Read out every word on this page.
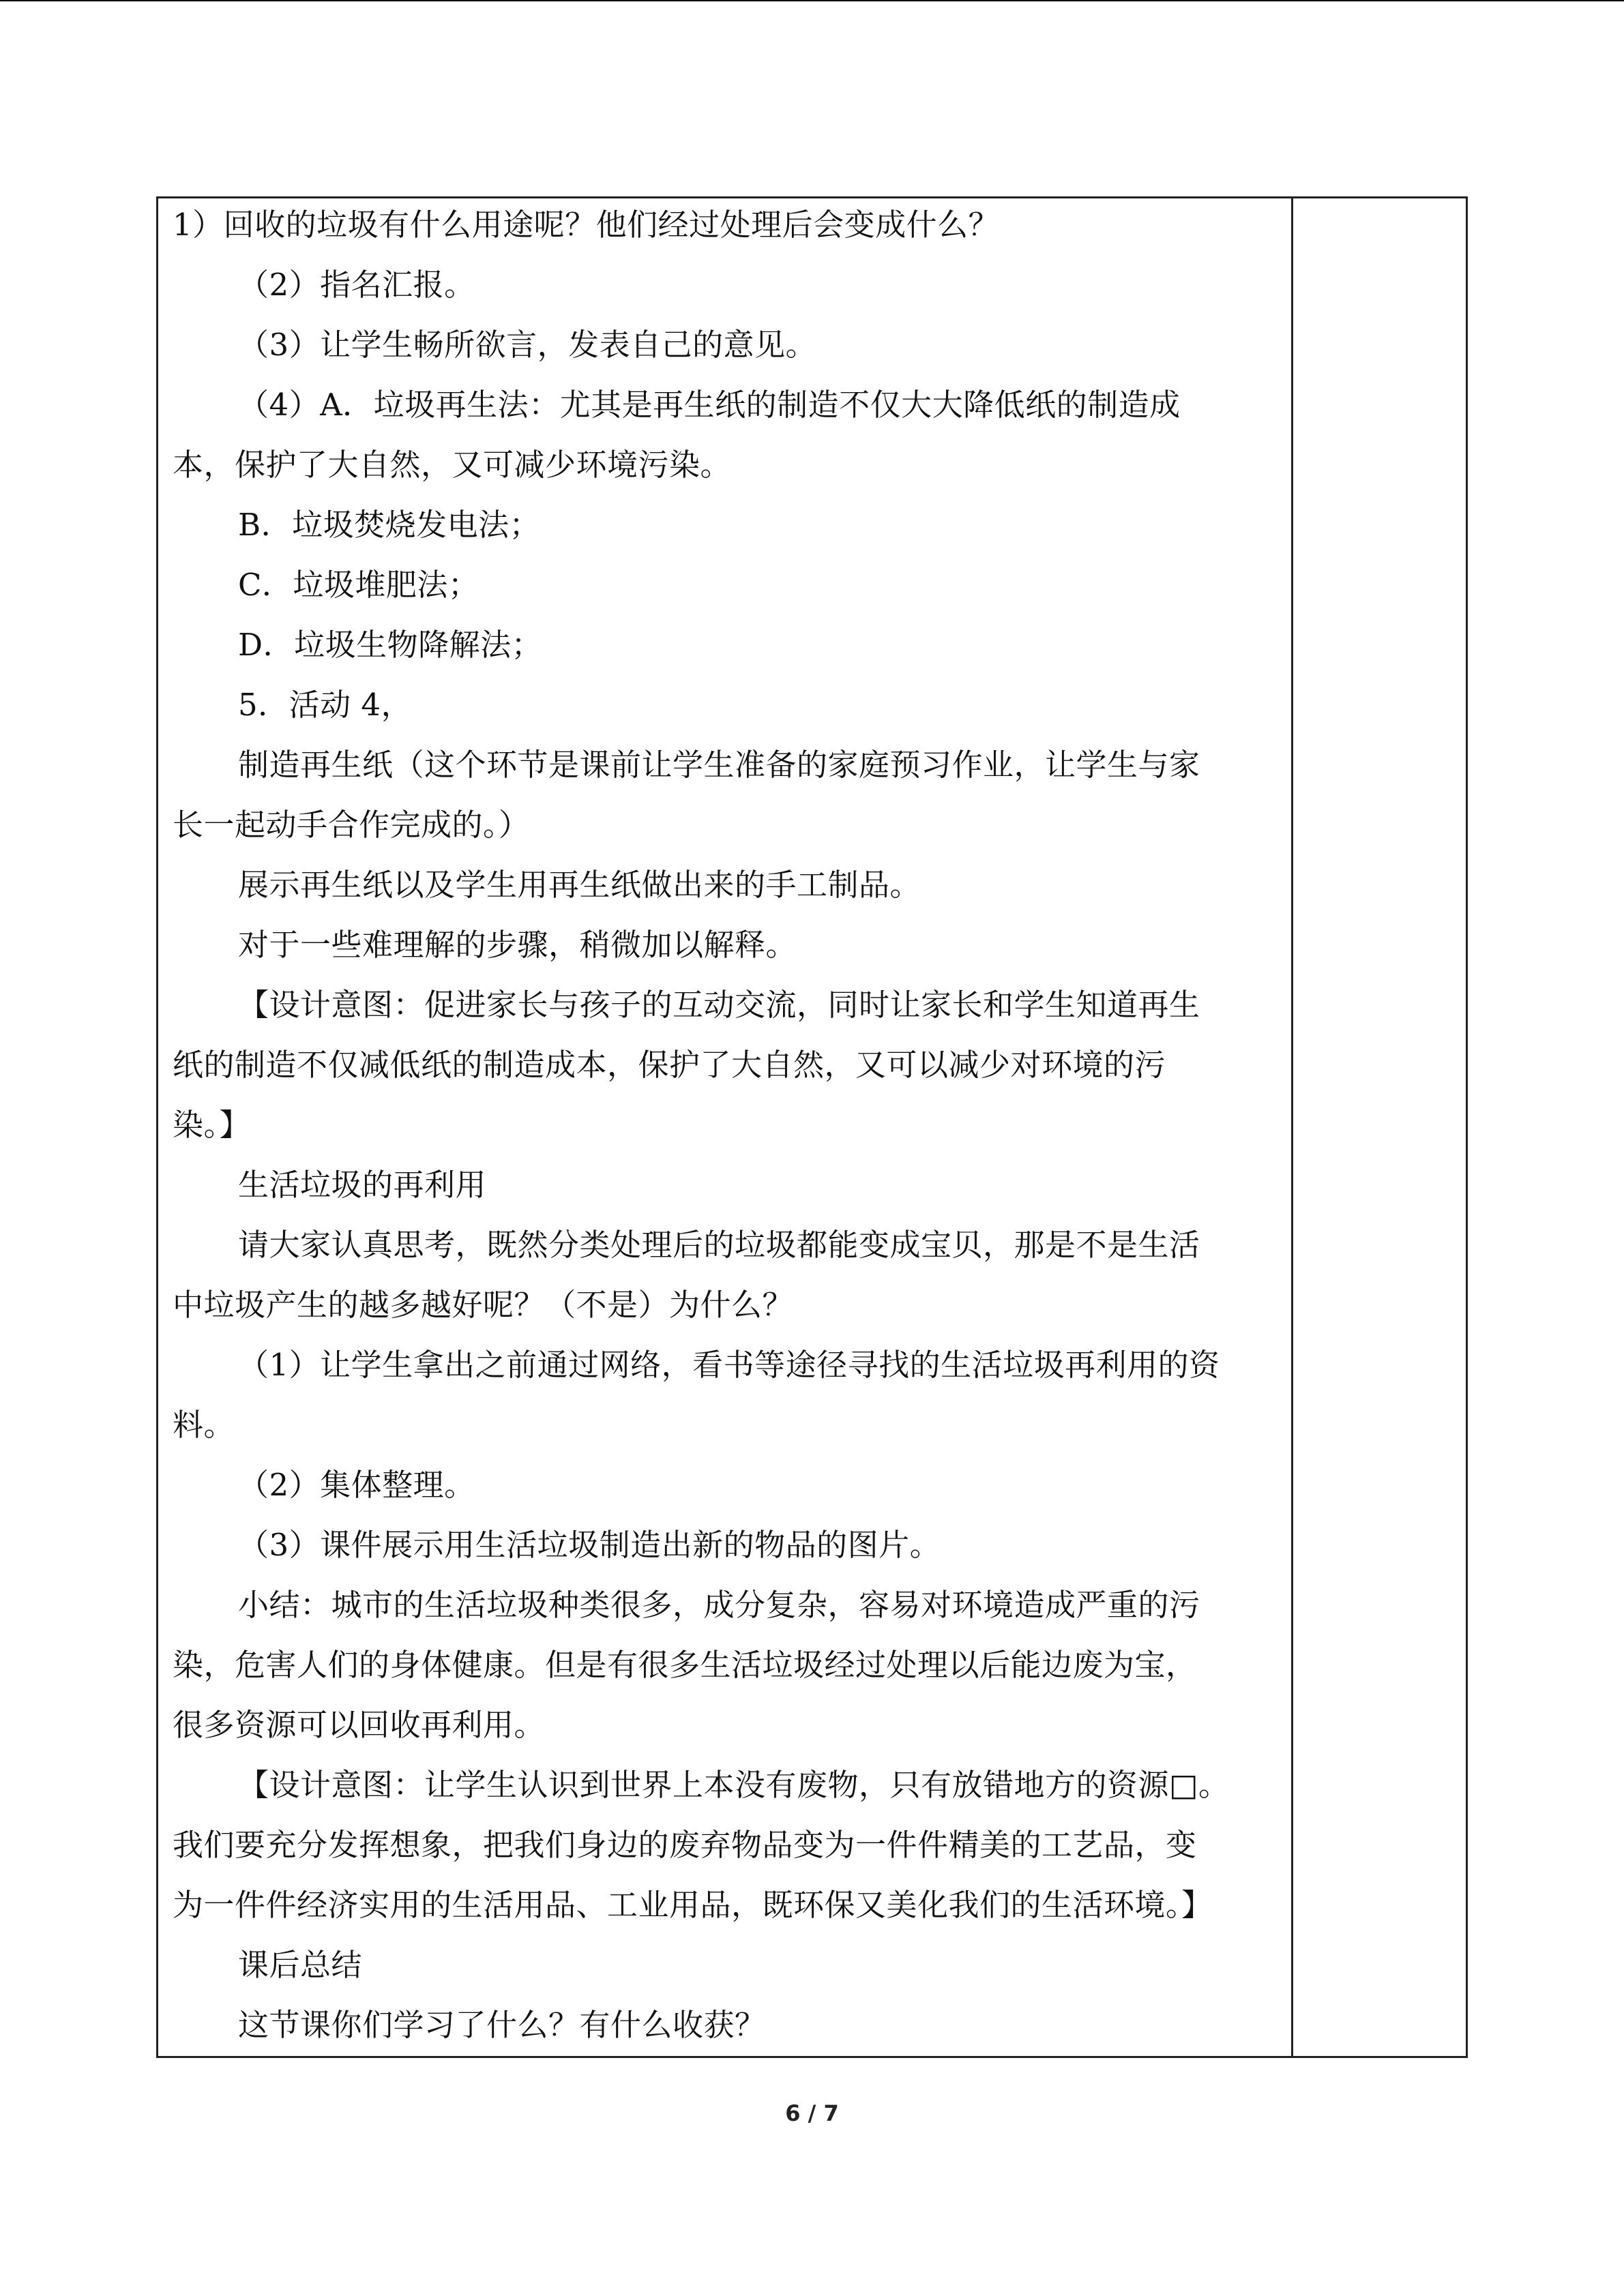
1）回收的垃圾有什么用途呢？他们经过处理后会变成什么？
（2）指名汇报。
（3）让学生畅所欲言，发表自己的意见。
（4）A．垃圾再生法：尤其是再生纸的制造不仅大大降低纸的制造成
本，保护了大自然，又可减少环境污染。
B．垃圾焚烧发电法；
C．垃圾堆肥法；
D．垃圾生物降解法；
5．活动 4，
制造再生纸（这个环节是课前让学生准备的家庭预习作业，让学生与家
长一起动手合作完成的。）
展示再生纸以及学生用再生纸做出来的手工制品。
对于一些难理解的步骤，稍微加以解释。
【设计意图：促进家长与孩子的互动交流，同时让家长和学生知道再生
纸的制造不仅减低纸的制造成本，保护了大自然，又可以减少对环境的污
染。】
生活垃圾的再利用
请大家认真思考，既然分类处理后的垃圾都能变成宝贝，那是不是生活
中垃圾产生的越多越好呢？（不是）为什么？
（1）让学生拿出之前通过网络，看书等途径寻找的生活垃圾再利用的资
料。
（2）集体整理。
（3）课件展示用生活垃圾制造出新的物品的图片。
小结：城市的生活垃圾种类很多，成分复杂，容易对环境造成严重的污
染，危害人们的身体健康。但是有很多生活垃圾经过处理以后能边废为宝，
很多资源可以回收再利用。
【设计意图：让学生认识到世界上本没有废物，只有放错地方的资源□。
我们要充分发挥想象，把我们身边的废弃物品变为一件件精美的工艺品，变
为一件件经济实用的生活用品、工业用品，既环保又美化我们的生活环境。】
课后总结
这节课你们学习了什么？有什么收获？
6 / 7
